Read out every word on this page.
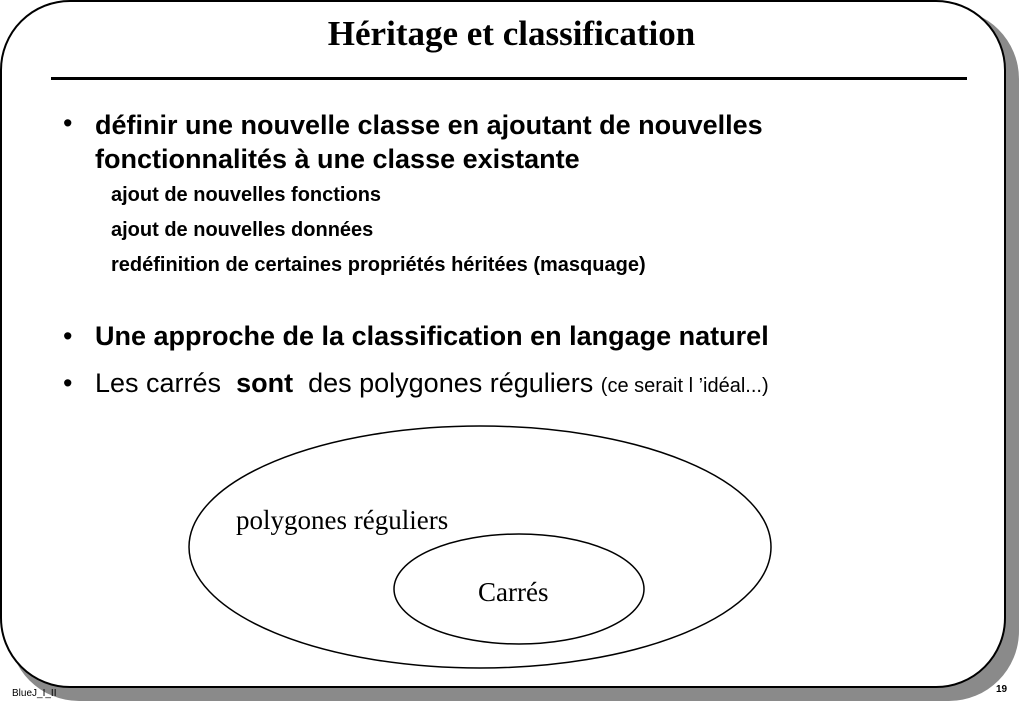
Héritage et classification
• définir une nouvelle classe en ajoutant de nouvelles fonctionnalités à une classe existante
ajout de nouvelles fonctions
ajout de nouvelles données
redéfinition de certaines propriétés héritées (masquage)
• Une approche de la classification en langage naturel
• Les carrés sont des polygones réguliers (ce serait l ’idéal...)
polygones réguliers
Carrés
BlueJ_I_II	19
